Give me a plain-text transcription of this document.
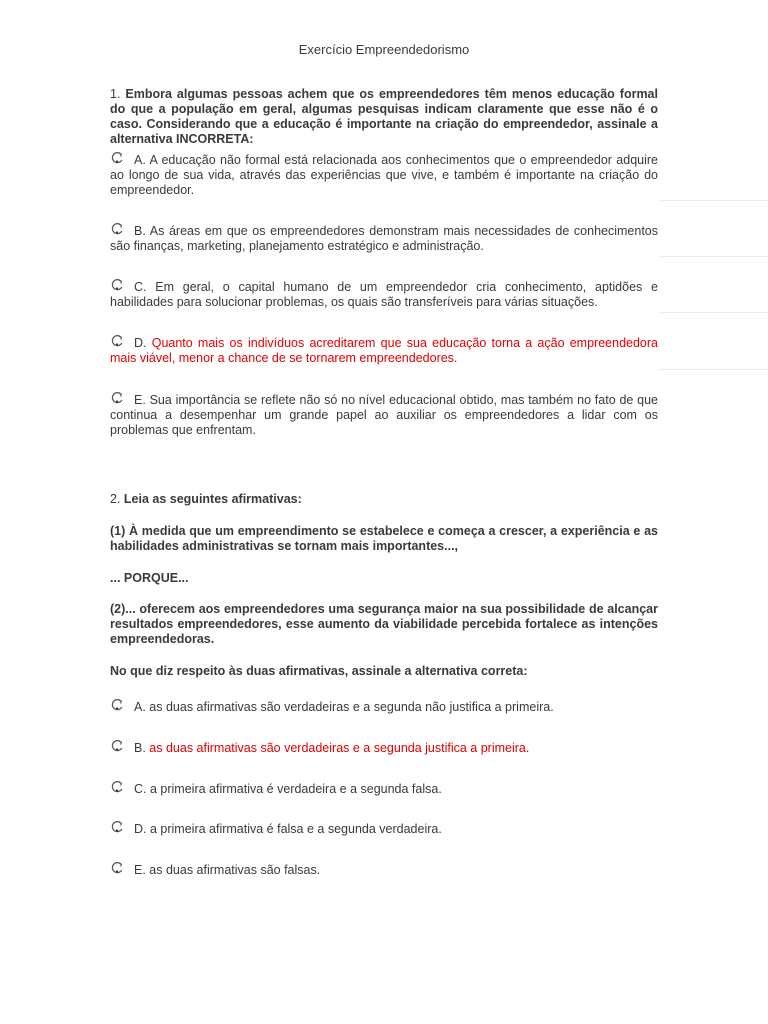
Exercício Empreendedorismo

1. Embora algumas pessoas achem que os empreendedores têm menos educação formal do que a população em geral, algumas pesquisas indicam claramente que esse não é o caso. Considerando que a educação é importante na criação do empreendedor, assinale a alternativa INCORRETA:

A. A educação não formal está relacionada aos conhecimentos que o empreendedor adquire ao longo de sua vida, através das experiências que vive, e também é importante na criação do empreendedor.
B. As áreas em que os empreendedores demonstram mais necessidades de conhecimentos são finanças, marketing, planejamento estratégico e administração.
C. Em geral, o capital humano de um empreendedor cria conhecimento, aptidões e habilidades para solucionar problemas, os quais são transferíveis para várias situações.
D. Quanto mais os indivíduos acreditarem que sua educação torna a ação empreendedora mais viável, menor a chance de se tornarem empreendedores.
E. Sua importância se reflete não só no nível educacional obtido, mas também no fato de que continua a desempenhar um grande papel ao auxiliar os empreendedores a lidar com os problemas que enfrentam.

2. Leia as seguintes afirmativas:

(1) À medida que um empreendimento se estabelece e começa a crescer, a experiência e as habilidades administrativas se tornam mais importantes...,

... PORQUE...

(2)... oferecem aos empreendedores uma segurança maior na sua possibilidade de alcançar resultados empreendedores, esse aumento da viabilidade percebida fortalece as intenções empreendedoras.

No que diz respeito às duas afirmativas, assinale a alternativa correta:

A. as duas afirmativas são verdadeiras e a segunda não justifica a primeira.
B. as duas afirmativas são verdadeiras e a segunda justifica a primeira.
C. a primeira afirmativa é verdadeira e a segunda falsa.
D. a primeira afirmativa é falsa e a segunda verdadeira.
E. as duas afirmativas são falsas.
